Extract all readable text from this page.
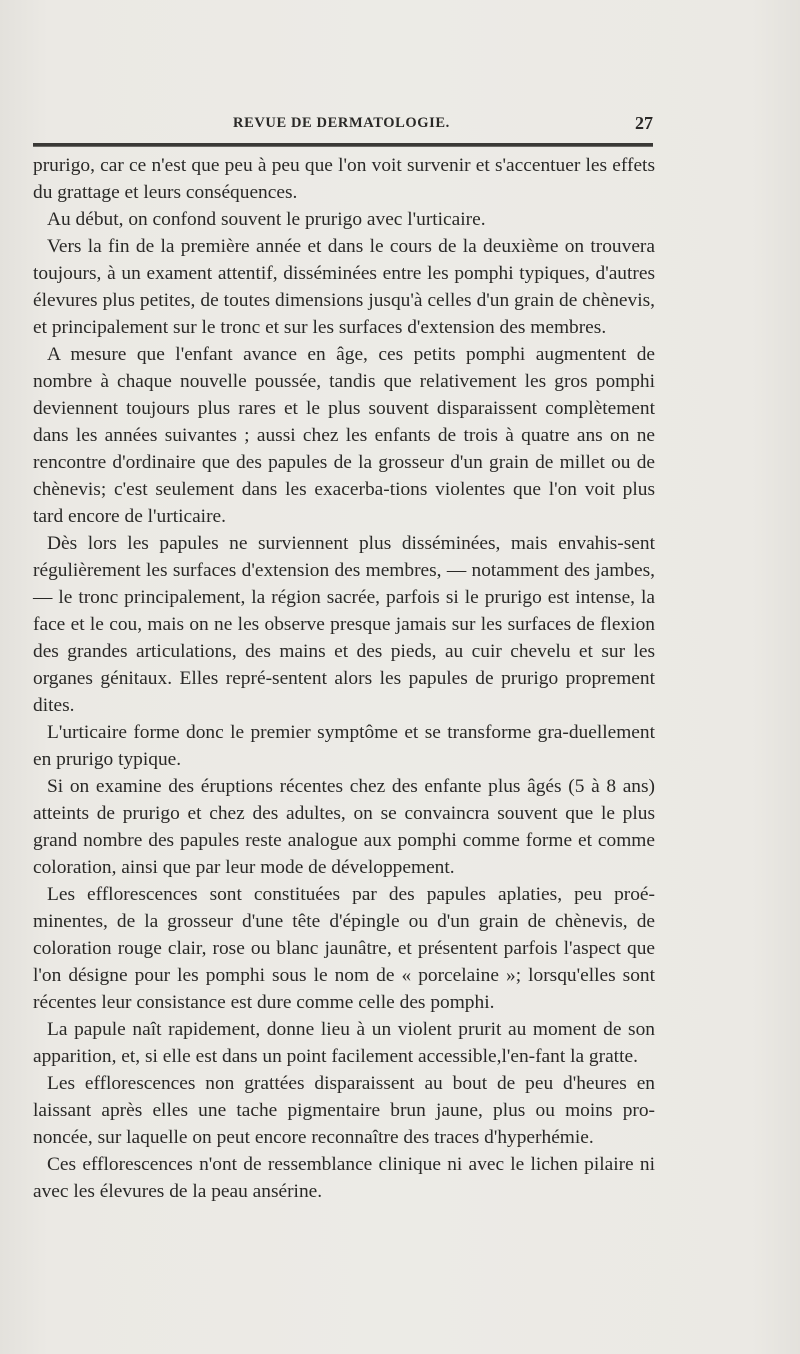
REVUE DE DERMATOLOGIE.	27

prurigo, car ce n'est que peu à peu que l'on voit survenir et s'accentuer les effets du grattage et leurs conséquences.

Au début, on confond souvent le prurigo avec l'urticaire.

Vers la fin de la première année et dans le cours de la deuxième on trouvera toujours, à un exament attentif, disséminées entre les pomphi typiques, d'autres élevures plus petites, de toutes dimensions jusqu'à celles d'un grain de chènevis, et principalement sur le tronc et sur les surfaces d'extension des membres.

A mesure que l'enfant avance en âge, ces petits pomphi augmentent de nombre à chaque nouvelle poussée, tandis que relativement les gros pomphi deviennent toujours plus rares et le plus souvent disparaissent complètement dans les années suivantes ; aussi chez les enfants de trois à quatre ans on ne rencontre d'ordinaire que des papules de la grosseur d'un grain de millet ou de chènevis; c'est seulement dans les exacerba-tions violentes que l'on voit plus tard encore de l'urticaire.

Dès lors les papules ne surviennent plus disséminées, mais envahis-sent régulièrement les surfaces d'extension des membres, — notamment des jambes, — le tronc principalement, la région sacrée, parfois si le prurigo est intense, la face et le cou, mais on ne les observe presque jamais sur les surfaces de flexion des grandes articulations, des mains et des pieds, au cuir chevelu et sur les organes génitaux. Elles repré-sentent alors les papules de prurigo proprement dites.

L'urticaire forme donc le premier symptôme et se transforme gra-duellement en prurigo typique.

Si on examine des éruptions récentes chez des enfante plus âgés (5 à 8 ans) atteints de prurigo et chez des adultes, on se convaincra souvent que le plus grand nombre des papules reste analogue aux pomphi comme forme et comme coloration, ainsi que par leur mode de développement.

Les efflorescences sont constituées par des papules aplaties, peu proé-minentes, de la grosseur d'une tête d'épingle ou d'un grain de chènevis, de coloration rouge clair, rose ou blanc jaunâtre, et présentent parfois l'aspect que l'on désigne pour les pomphi sous le nom de « porcelaine »; lorsqu'elles sont récentes leur consistance est dure comme celle des pomphi.

La papule naît rapidement, donne lieu à un violent prurit au moment de son apparition, et, si elle est dans un point facilement accessible,l'en-fant la gratte.

Les efflorescences non grattées disparaissent au bout de peu d'heures en laissant après elles une tache pigmentaire brun jaune, plus ou moins pro-noncée, sur laquelle on peut encore reconnaître des traces d'hyperhémie.

Ces efflorescences n'ont de ressemblance clinique ni avec le lichen pilaire ni avec les élevures de la peau ansérine.
